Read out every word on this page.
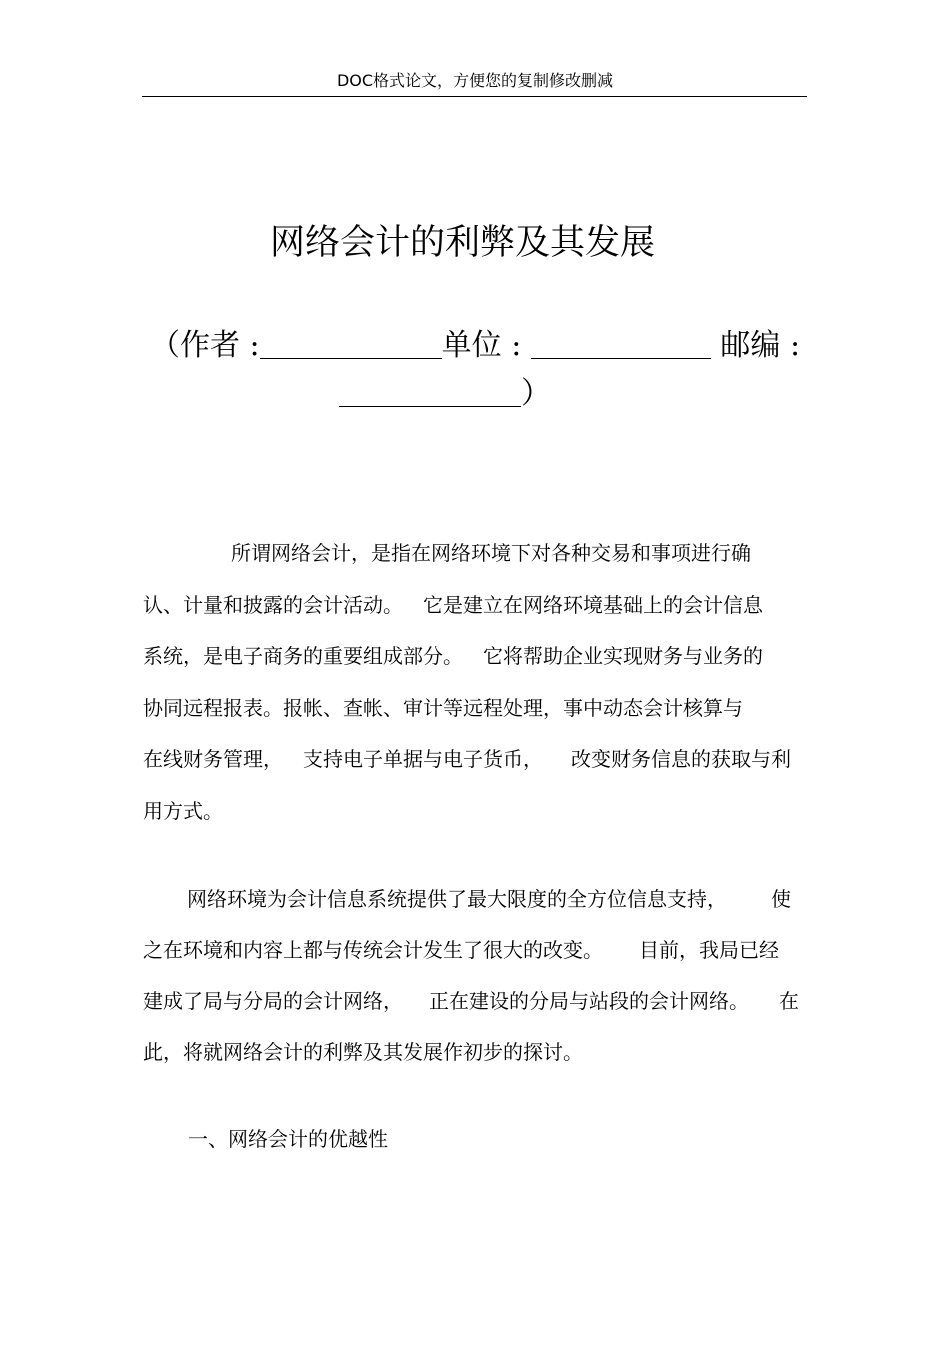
DOC格式论文，方便您的复制修改删减
网络会计的利弊及其发展
（作者 :	单位 :	邮编 :
）
所谓网络会计，是指在网络环境下对各种交易和事项进行确
认、计量和披露的会计活动。 它是建立在网络环境基础上的会计信息
系统，是电子商务的重要组成部分。 它将帮助企业实现财务与业务的
协同远程报表。报帐、查帐、审计等远程处理，事中动态会计核算与
在线财务管理， 支持电子单据与电子货币， 改变财务信息的获取与利
用方式。
网络环境为会计信息系统提供了最大限度的全方位信息支持， 使
之在环境和内容上都与传统会计发生了很大的改变。 目前，我局已经
建成了局与分局的会计网络， 正在建设的分局与站段的会计网络。 在
此，将就网络会计的利弊及其发展作初步的探讨。
一、网络会计的优越性
